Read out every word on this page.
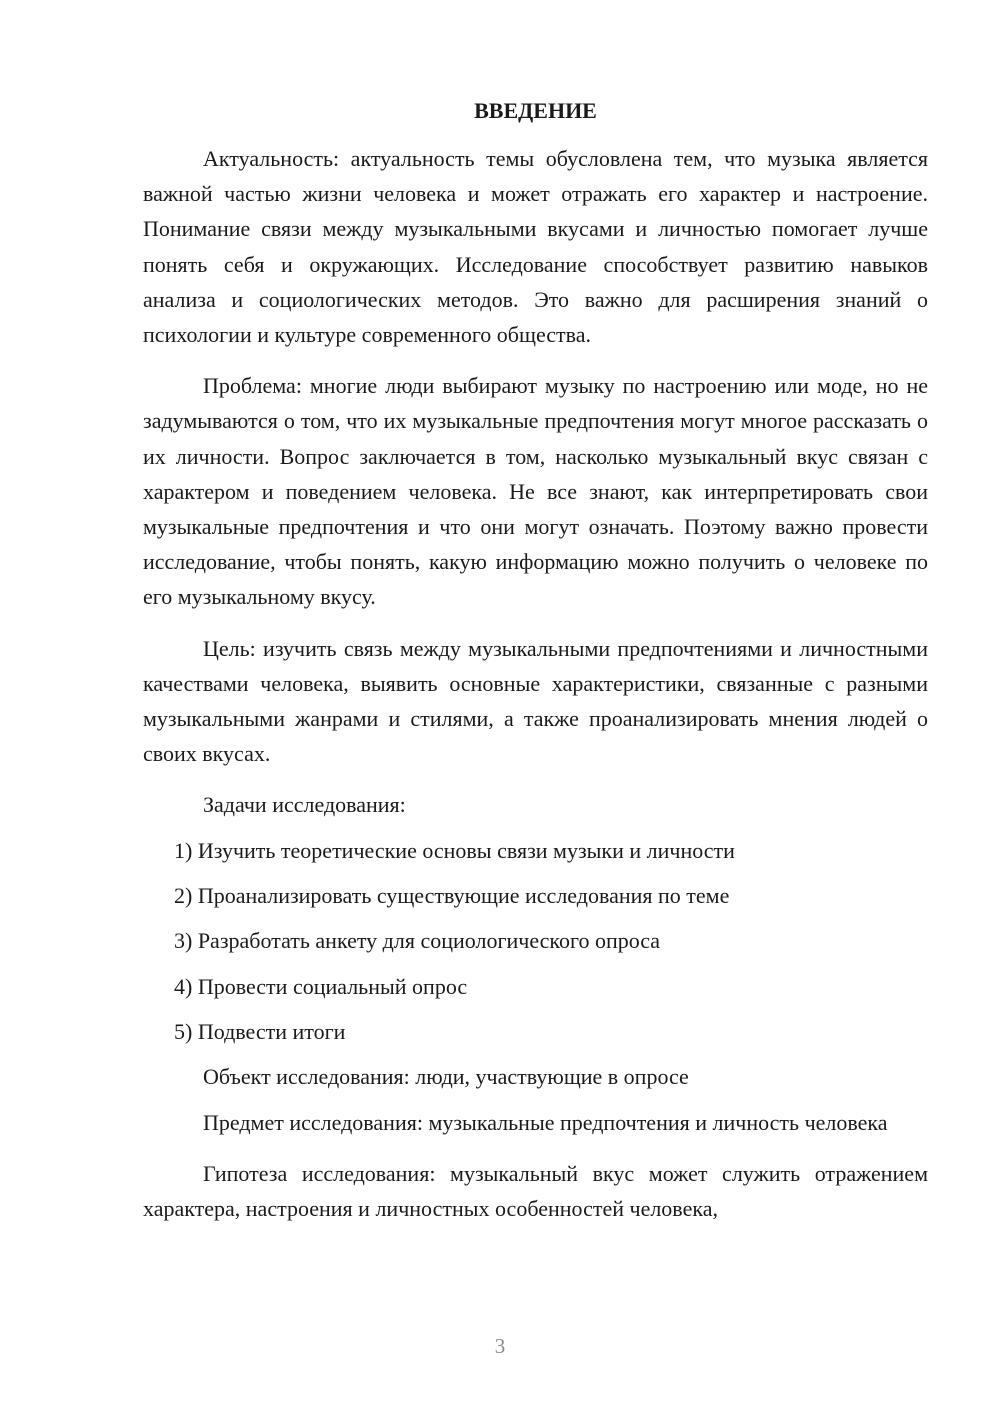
ВВЕДЕНИЕ

Актуальность: актуальность темы обусловлена тем, что музыка является важной частью жизни человека и может отражать его характер и настроение. Понимание связи между музыкальными вкусами и личностью помогает лучше понять себя и окружающих. Исследование способствует развитию навыков анализа и социологических методов. Это важно для расширения знаний о психологии и культуре современного общества.

Проблема: многие люди выбирают музыку по настроению или моде, но не задумываются о том, что их музыкальные предпочтения могут многое рассказать о их личности. Вопрос заключается в том, насколько музыкальный вкус связан с характером и поведением человека. Не все знают, как интерпретировать свои музыкальные предпочтения и что они могут означать. Поэтому важно провести исследование, чтобы понять, какую информацию можно получить о человеке по его музыкальному вкусу.

Цель: изучить связь между музыкальными предпочтениями и личностными качествами человека, выявить основные характеристики, связанные с разными музыкальными жанрами и стилями, а также проанализировать мнения людей о своих вкусах.

Задачи исследования:
1) Изучить теоретические основы связи музыки и личности
2) Проанализировать существующие исследования по теме
3) Разработать анкету для социологического опроса
4) Провести социальный опрос
5) Подвести итоги
Объект исследования: люди, участвующие в опросе

Предмет исследования: музыкальные предпочтения и личность человека

Гипотеза исследования: музыкальный вкус может служить отражением характера, настроения и личностных особенностей человека,

3
